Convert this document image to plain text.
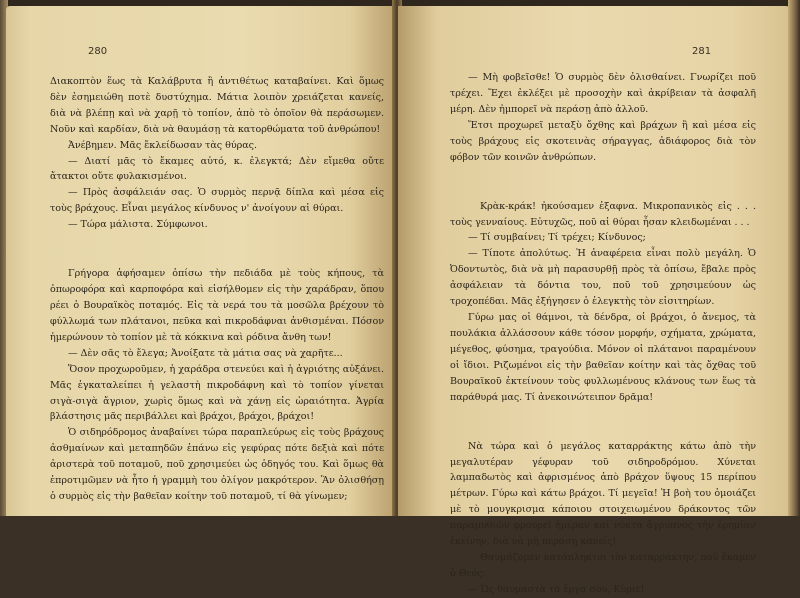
280

Διακοπτὸν ἕως τὰ Καλάβρυτα ἢ ἀντιθέτως καταβαίνει. Καὶ ὅμως δὲν ἐσημειώθη ποτὲ δυστύχημα. Μάτια λοιπὸν χρειάζεται κανείς, διὰ νὰ βλέπῃ καὶ νὰ χαρῇ τὸ τοπίον, ἀπὸ τὸ ὁποῖον θὰ περάσωμεν. Νοῦν καὶ καρδίαν, διὰ νὰ θαυμάσῃ τὰ κατορθώματα τοῦ ἀνθρώπου!

Ἀνέβημεν. Μᾶς ἔκλείδωσαν τὰς θύρας.

— Διατί μᾶς τὸ ἔκαμες αὐτό, κ. ἐλεγκτά; Δὲν εἴμεθα οὔτε ἄτακτοι οὔτε φυλακισμένοι.

— Πρὸς ἀσφάλειάν σας. Ὁ συρμὸς περνᾷ δίπλα καὶ μέσα εἰς τοὺς βράχους. Εἶναι μεγάλος κίνδυνος ν' ἀνοίγουν αἱ θύραι.

— Τώρα μάλιστα. Σύμφωνοι.

Γρήγορα ἀφήσαμεν ὀπίσω τὴν πεδιάδα μὲ τοὺς κήπους, τὰ ὀπωροφόρα καὶ καρποφόρα καὶ εἰσήλθομεν εἰς τὴν χαράδραν, ὅπου ρέει ὁ Βουραϊκὸς ποταμός. Εἰς τὰ νερά του τὰ μοσῶλα βρέχουν τὸ φύλλωμά των πλάτανοι, πεῦκα καὶ πικροδάφναι ἀνθισμέναι. Πόσον ἡμερώνουν τὸ τοπίον μὲ τὰ κόκκινα καὶ ρόδινα ἄνθη των!

— Δὲν σᾶς τὸ ἔλεγα; Ἀνοίξατε τὰ μάτια σας νὰ χαρῆτε...

Ὅσον προχωροῦμεν, ἡ χαράδρα στενεύει καὶ ἡ ἀγριότης αὐξάνει. Μᾶς ἐγκαταλείπει ἡ γελαστὴ πικροδάφνη καὶ τὸ τοπίον γίνεται σιγὰ-σιγὰ ἄγριον, χωρὶς ὅμως καὶ νὰ χάνῃ εἰς ὡραιότητα. Ἀγρία βλάστησις μᾶς περιβάλλει καὶ βράχοι, βράχοι, βράχοι!

Ὁ σιδηρόδρομος ἀναβαίνει τώρα παραπλεύρως εἰς τοὺς βράχους ἀσθμαίνων καὶ μεταπηδῶν ἐπάνω εἰς γεφύρας πότε δεξιὰ καὶ πότε ἀριστερὰ τοῦ ποταμοῦ, ποῦ χρησιμεύει ὡς ὁδηγός του. Καὶ ὅμως θὰ ἐπροτιμῶμεν νὰ ἦτο ἡ γραμμὴ του ὀλίγον μακρότερον. Ἂν ὀλισθήσῃ ὁ συρμὸς εἰς τὴν βαθεῖαν κοίτην τοῦ ποταμοῦ, τί θὰ γίνωμεν;

281

— Μὴ φοβεῖσθε! Ὁ συρμὸς δὲν ὀλισθαίνει. Γνωρίζει ποῦ τρέχει. Ἔχει ἐκλέξει μὲ προσοχὴν καὶ ἀκρίβειαν τὰ ἀσφαλῆ μέρη. Δὲν ἠμπορεῖ νὰ περάσῃ ἀπὸ ἀλλοῦ.

Ἔτσι προχωρεῖ μεταξὺ ὄχθης καὶ βράχων ἢ καὶ μέσα εἰς τοὺς βράχους εἰς σκοτεινὰς σήραγγας, ἀδιάφορος διὰ τὸν φόβον τῶν κοινῶν ἀνθρώπων.

Κρὰκ-κράκ! ἠκούσαμεν ἐξαφνα. Μικροπανικὸς εἰς . . . τοὺς γενναίους. Εὐτυχῶς, ποῦ αἱ θύραι ἦσαν κλειδωμέναι . . .

— Τί συμβαίνει; Τί τρέχει; Κίνδυνος;

— Τίποτε ἀπολύτως. Ἡ ἀναφέρεια εἶναι πολὺ μεγάλη. Ὁ Ὀδοντωτὸς, διὰ νὰ μὴ παρασυρθῇ πρὸς τὰ ὀπίσω, ἔβαλε πρὸς ἀσφάλειαν τὰ δόντια του, ποῦ τοῦ χρησιμεύουν ὡς τροχοπέδαι. Μᾶς ἐξήγησεν ὁ ἐλεγκτὴς τὸν εἰσιτηρίων.

Γύρω μας οἱ θάμνοι, τὰ δένδρα, οἱ βράχοι, ὁ ἄνεμος, τὰ πουλάκια ἀλλάσσουν κάθε τόσον μορφήν, σχήματα, χρώματα, μέγεθος, φύσημα, τραγούδια. Μόνον οἱ πλάτανοι παραμένουν οἱ ἴδιοι. Ριζωμένοι εἰς τὴν βαθεῖαν κοίτην καὶ τὰς ὄχθας τοῦ Βουραϊκοῦ ἐκτείνουν τοὺς φυλλωμένους κλάνους των ἕως τὰ παράθυρά μας. Τί ἀνεκοινώτειπον δρᾶμα!

Νὰ τώρα καὶ ὁ μεγάλος καταρράκτης κάτω ἀπὸ τὴν μεγαλυτέραν γέφυραν τοῦ σιδηροδρόμου. Χύνεται λαμπαδωτὸς καὶ ἀφρισμένος ἀπὸ βράχον ὕψους 15 περίπου μέτρων. Γύρω καὶ κάτω βράχοι. Τί μεγεῖα! Ἡ βοὴ του ὁμοιάζει μὲ τὸ μουγκρισμα κάποιου στοιχειωμένου δράκοντος τῶν παραμυθιῶν φρουρεῖ ἡμέραν καὶ νύκτα ἄγρυπνος τὴν ἐρημίαν ἐκείνην, διὰ νὰ μὴ περάσῃ κανείς!

Θαυμάζομεν κατάπληκτοι τὸν καταρράκτην, ποῦ ἔκαμεν ὁ Θεός:

— Ὡς θαυμαστὰ τὰ ἔργα σου, Κύριε!
